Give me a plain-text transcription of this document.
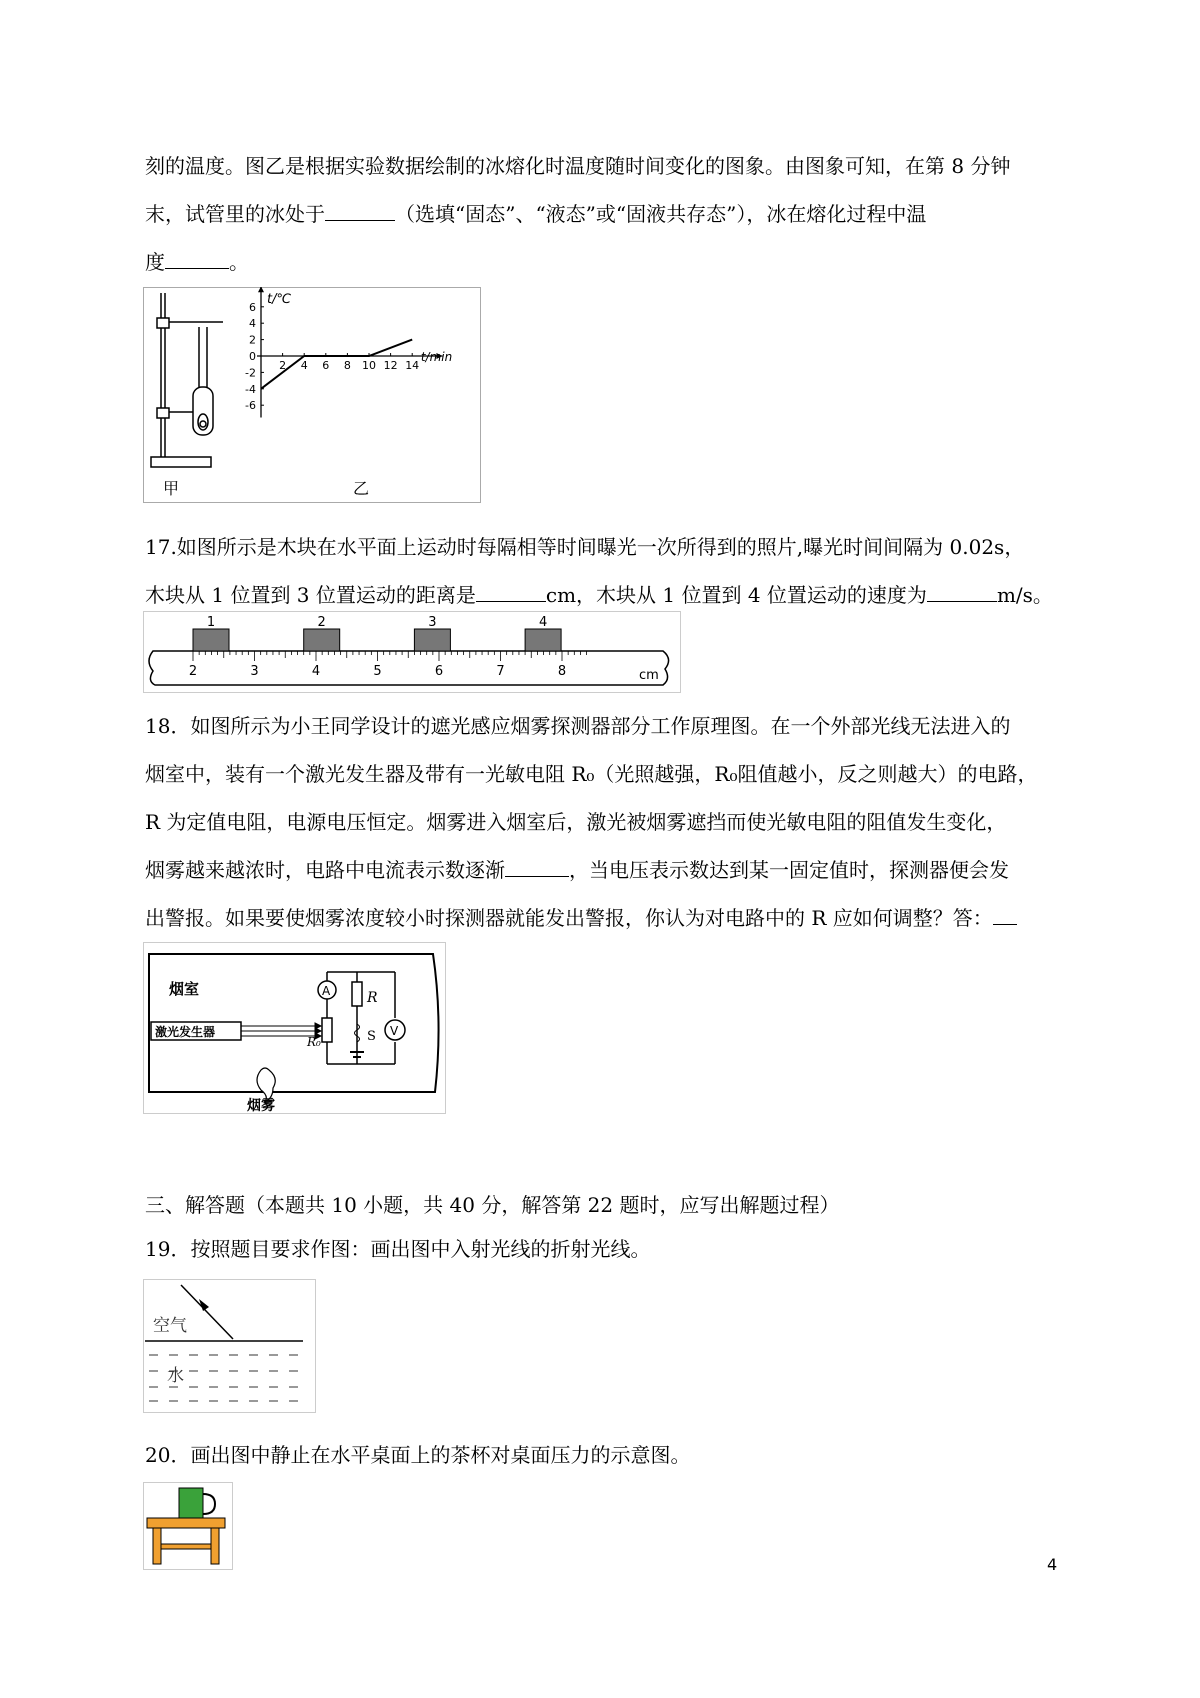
刻的温度。图乙是根据实验数据绘制的冰熔化时温度随时间变化的图象。由图象可知，在第 8 分钟
末，试管里的冰处于	（选填“固态”、“液态”或“固液共存态”），冰在熔化过程中温
度	。
甲	乙
6
4
2
0
-2
-4
-6
2 4 6 8 10 12 14
t/℃
t/min
17.如图所示是木块在水平面上运动时每隔相等时间曝光一次所得到的照片,曝光时间间隔为 0.02s，
木块从 1 位置到 3 位置运动的距离是	cm，木块从 1 位置到 4 位置运动的速度为	m/s。
2	3	4	5	6	7	8
1	2	3	4
cm
18．如图所示为小王同学设计的遮光感应烟雾探测器部分工作原理图。在一个外部光线无法进入的
烟室中，装有一个激光发生器及带有一光敏电阻 R₀（光照越强，R₀阻值越小，反之则越大）的电路，
R 为定值电阻，电源电压恒定。烟雾进入烟室后，激光被烟雾遮挡而使光敏电阻的阻值发生变化，
烟雾越来越浓时，电路中电流表示数逐渐	，当电压表示数达到某一固定值时，探测器便会发
出警报。如果要使烟雾浓度较小时探测器就能发出警报，你认为对电路中的 R 应如何调整？答：
烟室
激光发生器
A
V
R
R₀	S
烟雾
三、解答题（本题共 10 小题，共 40 分，解答第 22 题时，应写出解题过程）
19．按照题目要求作图：画出图中入射光线的折射光线。
空气
水
20．画出图中静止在水平桌面上的茶杯对桌面压力的示意图。
4
